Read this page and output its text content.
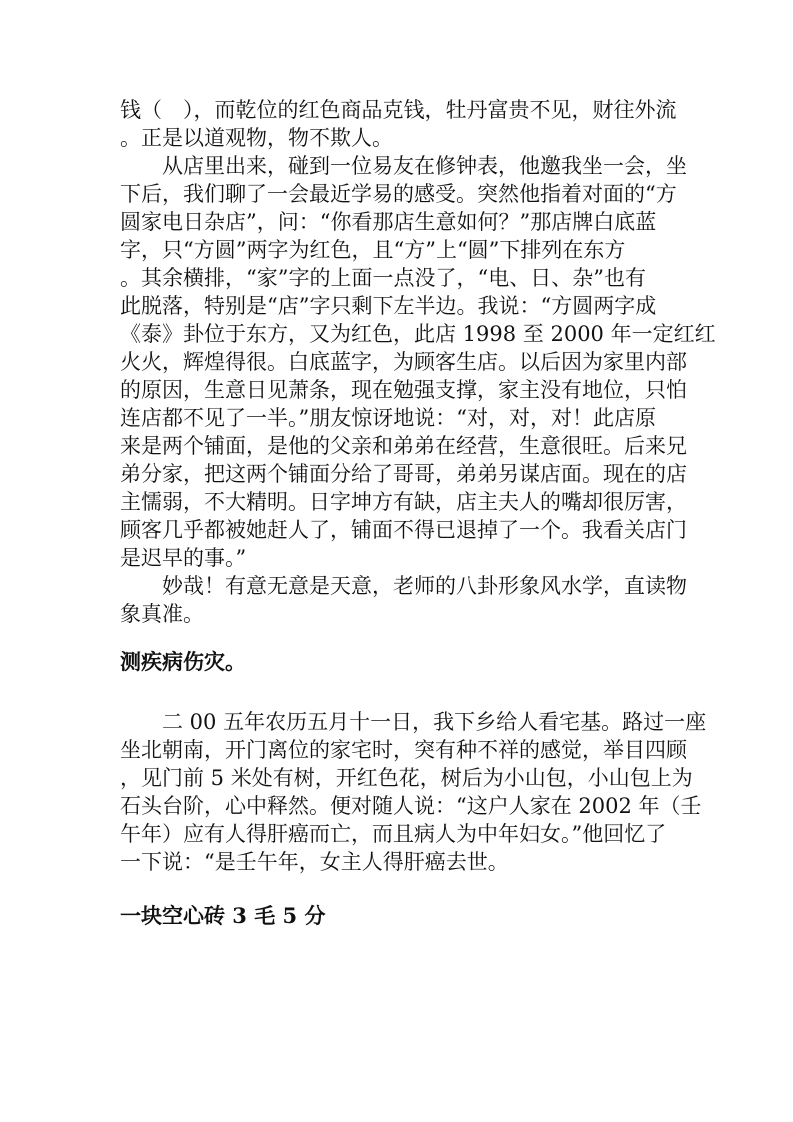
钱（　），而乾位的红色商品克钱，牡丹富贵不见，财往外流
。正是以道观物，物不欺人。
从店里出来，碰到一位易友在修钟表，他邀我坐一会，坐
下后，我们聊了一会最近学易的感受。突然他指着对面的“方
圆家电日杂店”，问：“你看那店生意如何？”那店牌白底蓝
字，只“方圆”两字为红色，且“方”上“圆”下排列在东方
。其余横排，“家”字的上面一点没了，“电、日、杂”也有
此脱落，特别是“店”字只剩下左半边。我说：“方圆两字成
《泰》卦位于东方，又为红色，此店 1998 至 2000 年一定红红
火火，辉煌得很。白底蓝字，为顾客生店。以后因为家里内部
的原因，生意日见萧条，现在勉强支撑，家主没有地位，只怕
连店都不见了一半。”朋友惊讶地说：“对，对，对！此店原
来是两个铺面，是他的父亲和弟弟在经营，生意很旺。后来兄
弟分家，把这两个铺面分给了哥哥，弟弟另谋店面。现在的店
主懦弱，不大精明。日字坤方有缺，店主夫人的嘴却很厉害，
顾客几乎都被她赶人了，铺面不得已退掉了一个。我看关店门
是迟早的事。”
妙哉！有意无意是天意，老师的八卦形象风水学，直读物
象真准。
测疾病伤灾。
二 00 五年农历五月十一日，我下乡给人看宅基。路过一座
坐北朝南，开门离位的家宅时，突有种不祥的感觉，举目四顾
，见门前 5 米处有树，开红色花，树后为小山包，小山包上为
石头台阶，心中释然。便对随人说：“这户人家在 2002 年（壬
午年）应有人得肝癌而亡，而且病人为中年妇女。”他回忆了
一下说：“是壬午年，女主人得肝癌去世。
一块空心砖 3 毛 5 分
